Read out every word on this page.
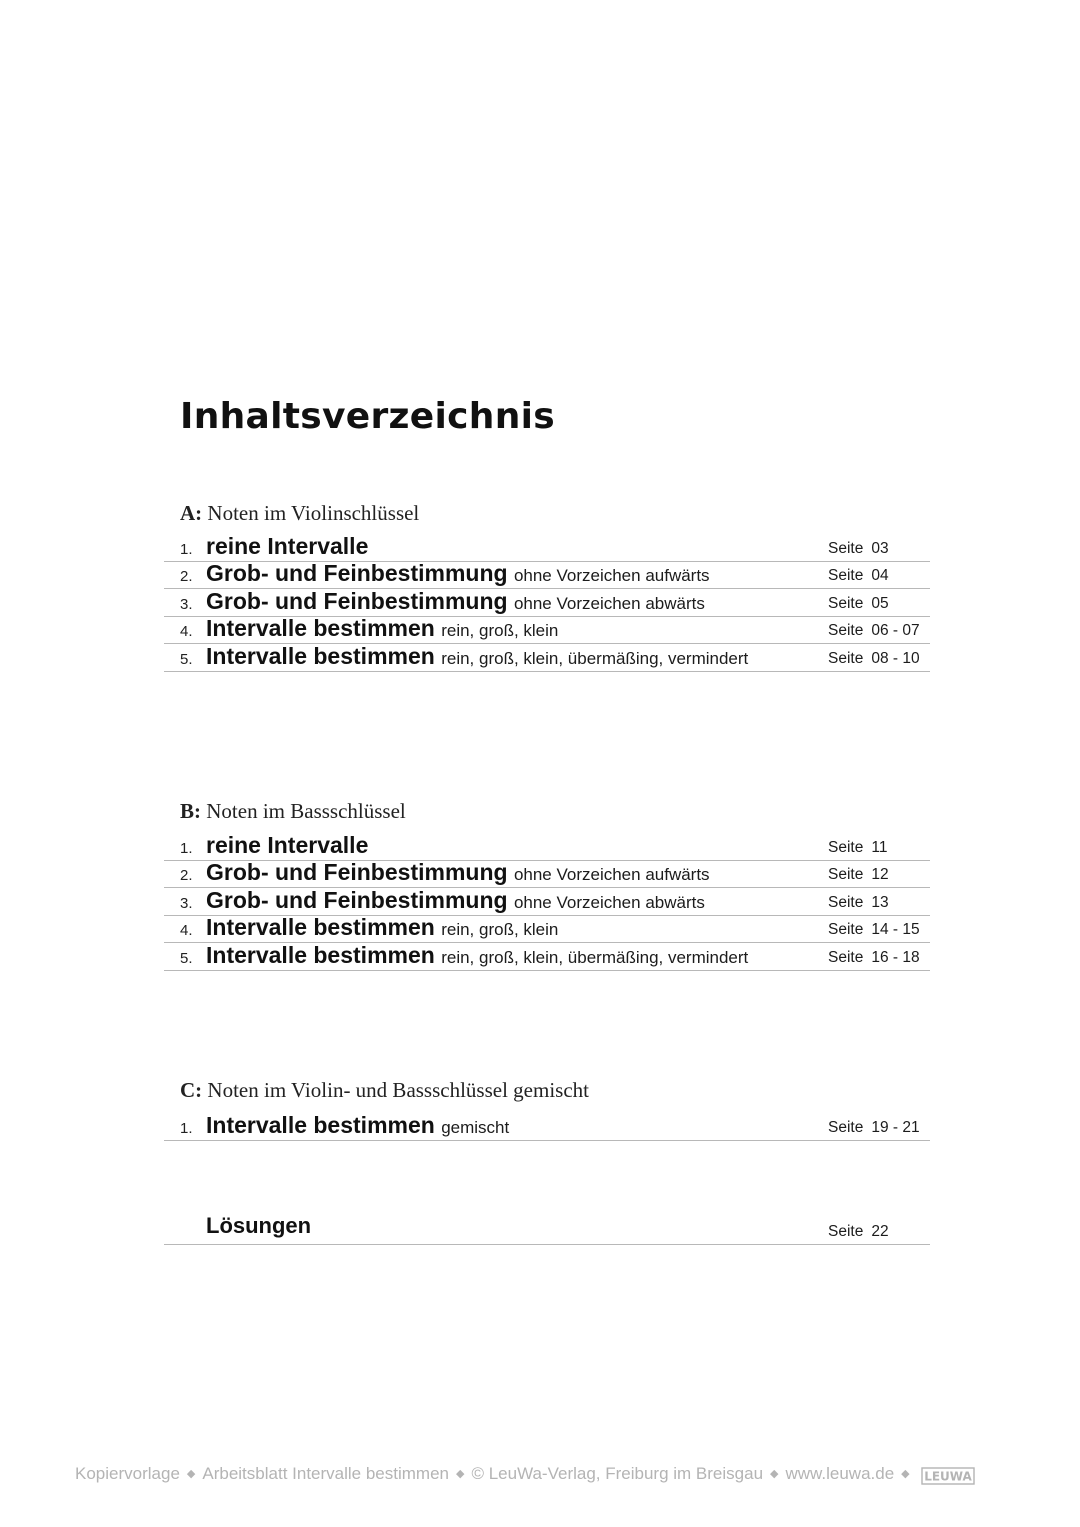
Inhaltsverzeichnis
A: Noten im Violinschlüssel
1. reine Intervalle	Seite 03
2. Grob- und Feinbestimmung ohne Vorzeichen aufwärts	Seite 04
3. Grob- und Feinbestimmung ohne Vorzeichen abwärts	Seite 05
4. Intervalle bestimmen rein, groß, klein	Seite 06 - 07
5. Intervalle bestimmen rein, groß, klein, übermäßing, vermindert	Seite 08 - 10
B: Noten im Bassschlüssel
1. reine Intervalle	Seite 11
2. Grob- und Feinbestimmung ohne Vorzeichen aufwärts	Seite 12
3. Grob- und Feinbestimmung ohne Vorzeichen abwärts	Seite 13
4. Intervalle bestimmen rein, groß, klein	Seite 14 - 15
5. Intervalle bestimmen rein, groß, klein, übermäßing, vermindert	Seite 16 - 18
C: Noten im Violin- und Bassschlüssel gemischt
1. Intervalle bestimmen gemischt	Seite 19 - 21
Lösungen	Seite 22
Kopiervorlage ◆ Arbeitsblatt Intervalle bestimmen ◆ © LeuWa-Verlag, Freiburg im Breisgau ◆ www.leuwa.de ◆ LEUWA
